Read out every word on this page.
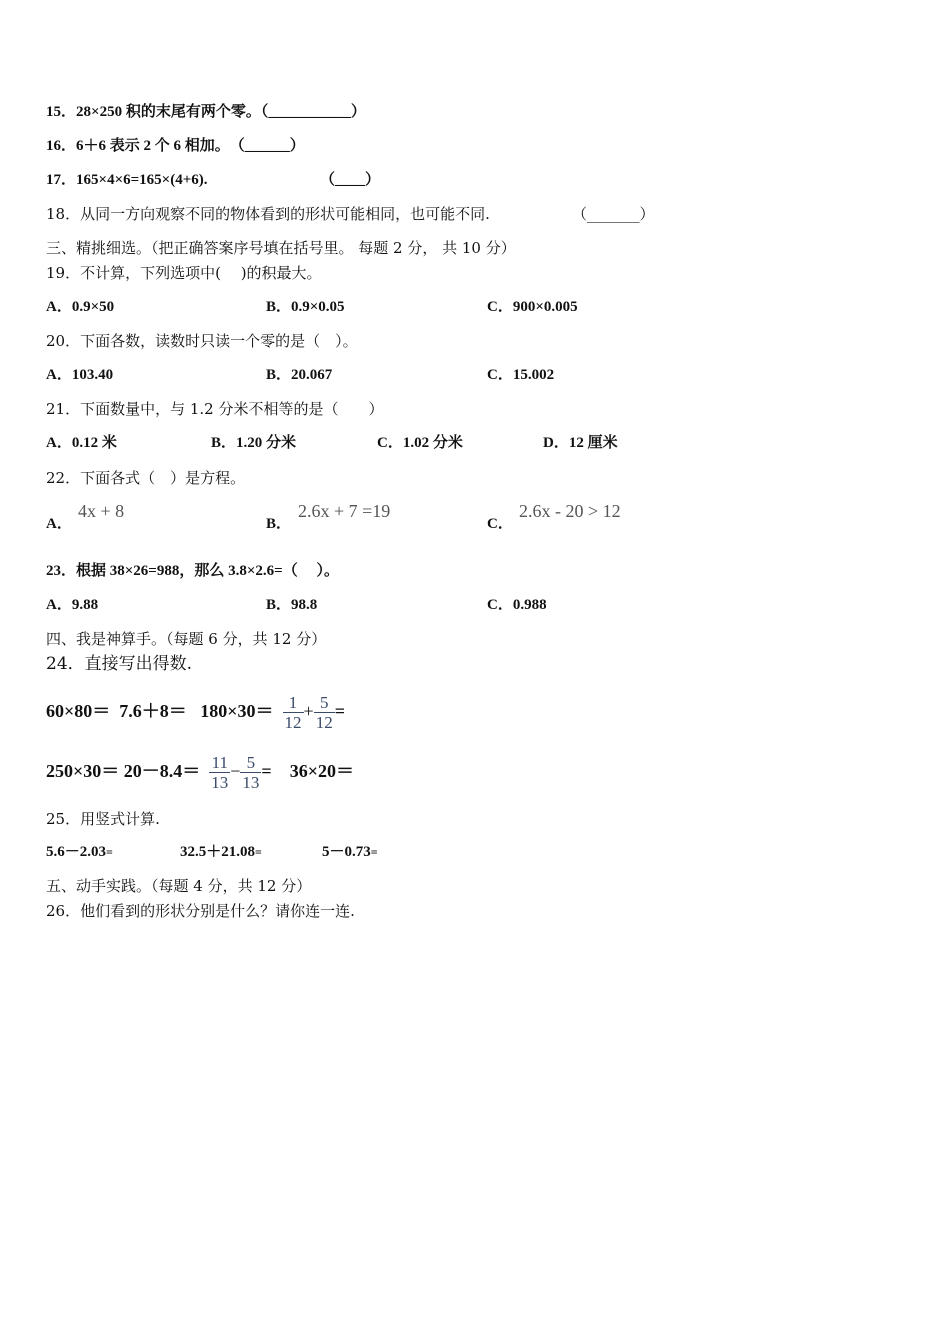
15．28×250 积的末尾有两个零。（___________）
16．6＋6 表示 2 个 6 相加。　（______）
17．165×4×6=165×(4+6).	（____）
18．从同一方向观察不同的物体看到的形状可能相同，也可能不同.	（_______）
三、精挑细选。（把正确答案序号填在括号里。 每题 2 分， 共 10 分）
19．不计算，下列选项中(　 )的积最大。
A．0.9×50	B．0.9×0.05	C．900×0.005
20．下面各数，读数时只读一个零的是（　）。
A．103.40	B．20.067	C．15.002
21．下面数量中，与 1.2 分米不相等的是（　　）
A．0.12 米	B．1.20 分米	C．1.02 分米	D．12 厘米
22．下面各式（　）是方程。
A．
4x + 8
B．
2.6x + 7 =19
C．
2.6x - 20 > 12
23．根据 38×26=988，那么 3.8×2.6=（　 ）。
A．9.88	B．98.8	C．0.988
四、我是神算手。（每题 6 分，共 12 分）
24．直接写出得数.
$60\times 80= 7.6+8= 180\times 30= \frac{1}{12} + \frac{5}{12}$ =
$250\times 30= 20-8.4= \frac{11}{13} - \frac{5}{13} = 36\times 20=$
25．用竖式计算.
5.6－2.03=	32.5＋21.08=	5－0.73=
五、动手实践。（每题 4 分，共 12 分）
26．他们看到的形状分别是什么？请你连一连.
